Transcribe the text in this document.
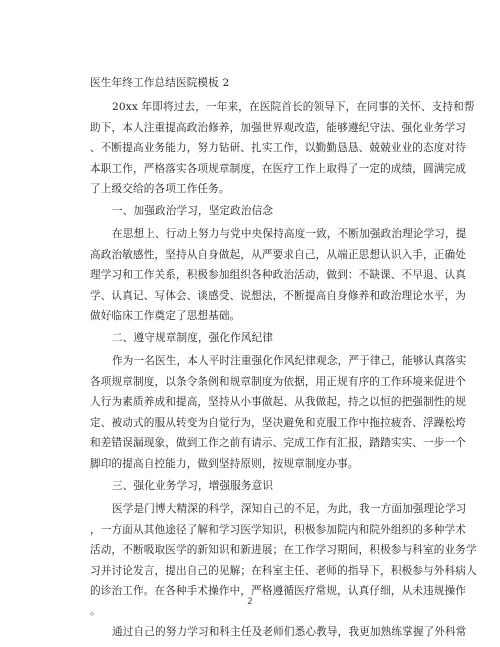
医生年终工作总结医院模板 2
20xx 年即将过去，一年来，在医院首长的领导下，在同事的关怀、支持和帮
助下，本人注重提高政治修养，加强世界观改造，能够遵纪守法、强化业务学习
、不断提高业务能力，努力钻研、扎实工作，以勤勤恳恳、兢兢业业的态度对待
本职工作，严格落实各项规章制度，在医疗工作上取得了一定的成绩，圆满完成
了上级交给的各项工作任务。
一、加强政治学习，坚定政治信念
在思想上、行动上努力与党中央保持高度一致，不断加强政治理论学习，提
高政治敏感性，坚持从自身做起，从严要求自己，从端正思想认识入手，正确处
理学习和工作关系，积极参加组织各种政治活动，做到：不缺课、不早退、认真
学、认真记、写体会、谈感受、说想法，不断提高自身修养和政治理论水平，为
做好临床工作奠定了思想基础。
二、遵守规章制度，强化作风纪律
作为一名医生，本人平时注重强化作风纪律观念，严于律己，能够认真落实
各项规章制度，以条令条例和规章制度为依据，用正规有序的工作环境来促进个
人行为素质养成和提高，坚持从小事做起、从我做起，持之以恒的把强制性的规
定、被动式的服从转变为自觉行为，坚决避免和克服工作中拖拉疲沓、浮躁松垮
和差错误漏现象，做到工作之前有请示、完成工作有汇报，踏踏实实、一步一个
脚印的提高自控能力，做到坚持原则，按规章制度办事。
三、强化业务学习，增强服务意识
医学是门博大精深的科学，深知自己的不足，为此，我一方面加强理论学习
，一方面从其他途径了解和学习医学知识，积极参加院内和院外组织的多种学术
活动，不断吸取医学的新知识和新进展；在工作学习期间，积极参与科室的业务学
习并讨论发言，提出自己的见解；在科室主任、老师的指导下，积极参与外科病人
的诊治工作。在各种手术操作中，严格遵循医疗常规，认真仔细，从未违规操作
。
通过自己的努力学习和科主任及老师们悉心教导，我更加熟练掌握了外科常
2
